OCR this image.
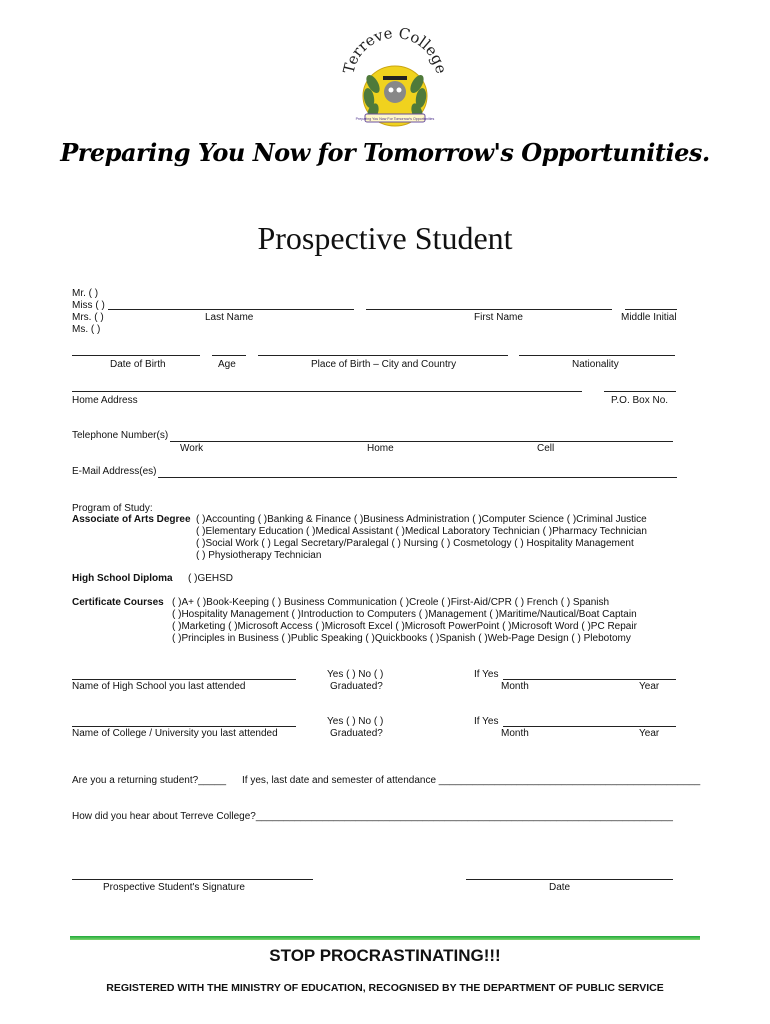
Terreve College
Preparing You Now For Tomorrow's Opportunities
Preparing You Now for Tomorrow's Opportunities.
Prospective Student
Mr. ( )
Miss ( )
Mrs. ( )
Ms. ( )
Last Name	First Name	Middle Initial
Date of Birth	Age	Place of Birth – City and Country	Nationality
Home Address	P.O. Box No.
Telephone Number(s)
Work	Home	Cell
E-Mail Address(es)
Program of Study:
Associate of Arts Degree ( )Accounting ( )Banking & Finance ( )Business Administration ( )Computer Science ( )Criminal Justice
( )Elementary Education ( )Medical Assistant ( )Medical Laboratory Technician ( )Pharmacy Technician
( )Social Work ( ) Legal Secretary/Paralegal ( ) Nursing ( ) Cosmetology ( ) Hospitality Management
( ) Physiotherapy Technician
High School Diploma ( )GEHSD
Certificate Courses ( )A+ ( )Book-Keeping ( ) Business Communication ( )Creole ( )First-Aid/CPR ( ) French ( ) Spanish
( )Hospitality Management ( )Introduction to Computers ( )Management ( )Maritime/Nautical/Boat Captain
( )Marketing ( )Microsoft Access ( )Microsoft Excel ( )Microsoft PowerPoint ( )Microsoft Word ( )PC Repair
( )Principles in Business ( )Public Speaking ( )Quickbooks ( )Spanish ( )Web-Page Design ( ) Plebotomy
Name of High School you last attended
Yes ( ) No ( )
Graduated?
If Yes
Month	Year
Name of College / University you last attended
Yes ( ) No ( )
Graduated?
If Yes
Month	Year
Are you a returning student?_____ If yes, last date and semester of attendance _______________________________________________
How did you hear about Terreve College?___________________________________________________________________________
Prospective Student's Signature	Date
STOP PROCRASTINATING!!!
REGISTERED WITH THE MINISTRY OF EDUCATION, RECOGNISED BY THE DEPARTMENT OF PUBLIC SERVICE
